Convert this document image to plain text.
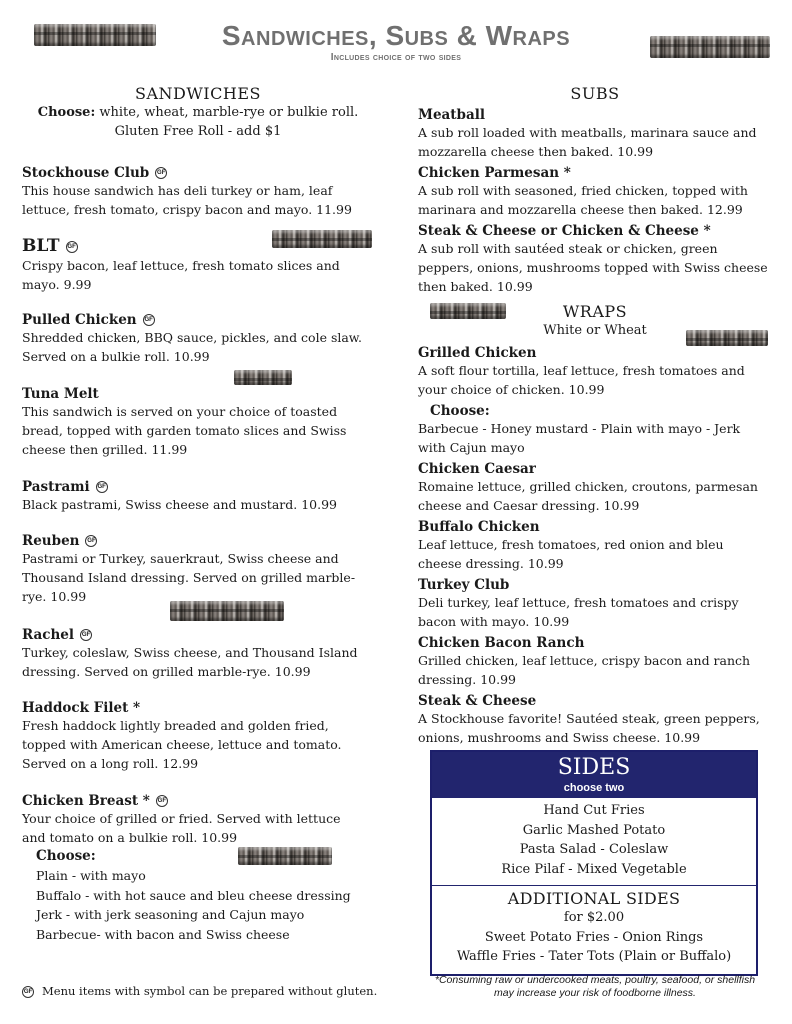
Sandwiches, Subs & Wraps
Includes choice of two sides
SANDWICHES
Choose: white, wheat, marble-rye or bulkie roll.
Gluten Free Roll - add $1
Stockhouse Club GF
This house sandwich has deli turkey or ham, leaf lettuce, fresh tomato, crispy bacon and mayo. 11.99
BLT GF
Crispy bacon, leaf lettuce, fresh tomato slices and mayo. 9.99
Pulled Chicken GF
Shredded chicken, BBQ sauce, pickles, and cole slaw. Served on a bulkie roll. 10.99
Tuna Melt
This sandwich is served on your choice of toasted bread, topped with garden tomato slices and Swiss cheese then grilled. 11.99
Pastrami GF
Black pastrami, Swiss cheese and mustard. 10.99
Reuben GF
Pastrami or Turkey, sauerkraut, Swiss cheese and Thousand Island dressing. Served on grilled marble-rye. 10.99
Rachel GF
Turkey, coleslaw, Swiss cheese, and Thousand Island dressing. Served on grilled marble-rye. 10.99
Haddock Filet *
Fresh haddock lightly breaded and golden fried, topped with American cheese, lettuce and tomato. Served on a long roll. 12.99
Chicken Breast * GF
Your choice of grilled or fried. Served with lettuce and tomato on a bulkie roll. 10.99
Choose:
Plain - with mayo
Buffalo - with hot sauce and bleu cheese dressing
Jerk - with jerk seasoning and Cajun mayo
Barbecue- with bacon and Swiss cheese
GF Menu items with symbol can be prepared without gluten.
SUBS
Meatball
A sub roll loaded with meatballs, marinara sauce and mozzarella cheese then baked. 10.99
Chicken Parmesan *
A sub roll with seasoned, fried chicken, topped with marinara and mozzarella cheese then baked. 12.99
Steak & Cheese or Chicken & Cheese *
A sub roll with sautéed steak or chicken, green peppers, onions, mushrooms topped with Swiss cheese then baked. 10.99
WRAPS
White or Wheat
Grilled Chicken
A soft flour tortilla, leaf lettuce, fresh tomatoes and your choice of chicken. 10.99
Choose:
Barbecue - Honey mustard - Plain with mayo - Jerk with Cajun mayo
Chicken Caesar
Romaine lettuce, grilled chicken, croutons, parmesan cheese and Caesar dressing. 10.99
Buffalo Chicken
Leaf lettuce, fresh tomatoes, red onion and bleu cheese dressing. 10.99
Turkey Club
Deli turkey, leaf lettuce, fresh tomatoes and crispy bacon with mayo. 10.99
Chicken Bacon Ranch
Grilled chicken, leaf lettuce, crispy bacon and ranch dressing. 10.99
Steak & Cheese
A Stockhouse favorite! Sautéed steak, green peppers, onions, mushrooms and Swiss cheese. 10.99
SIDES
choose two
Hand Cut Fries
Garlic Mashed Potato
Pasta Salad - Coleslaw
Rice Pilaf - Mixed Vegetable
ADDITIONAL SIDES
for $2.00
Sweet Potato Fries - Onion Rings
Waffle Fries - Tater Tots (Plain or Buffalo)
*Consuming raw or undercooked meats, poultry, seafood, or shellfish may increase your risk of foodborne illness.
